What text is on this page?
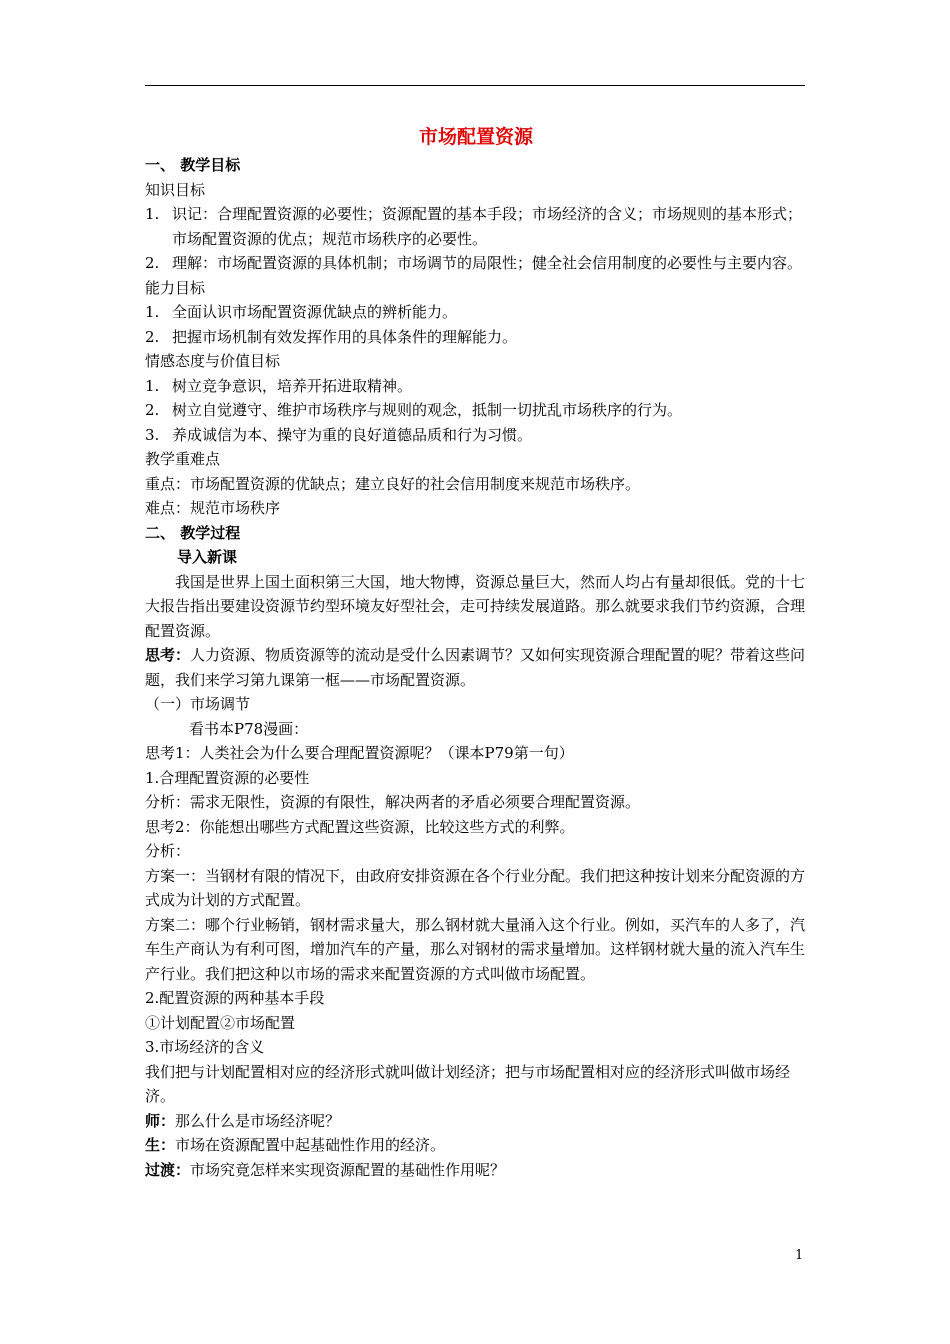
市场配置资源
一、 教学目标
知识目标
1. 识记：合理配置资源的必要性；资源配置的基本手段；市场经济的含义；市场规则的基本形式；市场配置资源的优点；规范市场秩序的必要性。
2. 理解：市场配置资源的具体机制；市场调节的局限性；健全社会信用制度的必要性与主要内容。
能力目标
1. 全面认识市场配置资源优缺点的辨析能力。
2. 把握市场机制有效发挥作用的具体条件的理解能力。
情感态度与价值目标
1. 树立竞争意识，培养开拓进取精神。
2. 树立自觉遵守、维护市场秩序与规则的观念，抵制一切扰乱市场秩序的行为。
3. 养成诚信为本、操守为重的良好道德品质和行为习惯。
教学重难点
重点：市场配置资源的优缺点；建立良好的社会信用制度来规范市场秩序。
难点：规范市场秩序
二、 教学过程
导入新课
我国是世界上国土面积第三大国，地大物博，资源总量巨大，然而人均占有量却很低。党的十七大报告指出要建设资源节约型环境友好型社会，走可持续发展道路。那么就要求我们节约资源，合理配置资源。
思考：人力资源、物质资源等的流动是受什么因素调节？又如何实现资源合理配置的呢？带着这些问题，我们来学习第九课第一框——市场配置资源。
（一）市场调节
看书本P78漫画：
思考1：人类社会为什么要合理配置资源呢？（课本P79第一句）
1.合理配置资源的必要性
分析：需求无限性，资源的有限性，解决两者的矛盾必须要合理配置资源。
思考2：你能想出哪些方式配置这些资源，比较这些方式的利弊。
分析：
方案一：当钢材有限的情况下，由政府安排资源在各个行业分配。我们把这种按计划来分配资源的方式成为计划的方式配置。
方案二：哪个行业畅销，钢材需求量大，那么钢材就大量涌入这个行业。例如，买汽车的人多了，汽车生产商认为有利可图，增加汽车的产量，那么对钢材的需求量增加。这样钢材就大量的流入汽车生产行业。我们把这种以市场的需求来配置资源的方式叫做市场配置。
2.配置资源的两种基本手段
①计划配置②市场配置
3.市场经济的含义
我们把与计划配置相对应的经济形式就叫做计划经济；把与市场配置相对应的经济形式叫做市场经济。
师：那么什么是市场经济呢？
生：市场在资源配置中起基础性作用的经济。
过渡：市场究竟怎样来实现资源配置的基础性作用呢？
1
